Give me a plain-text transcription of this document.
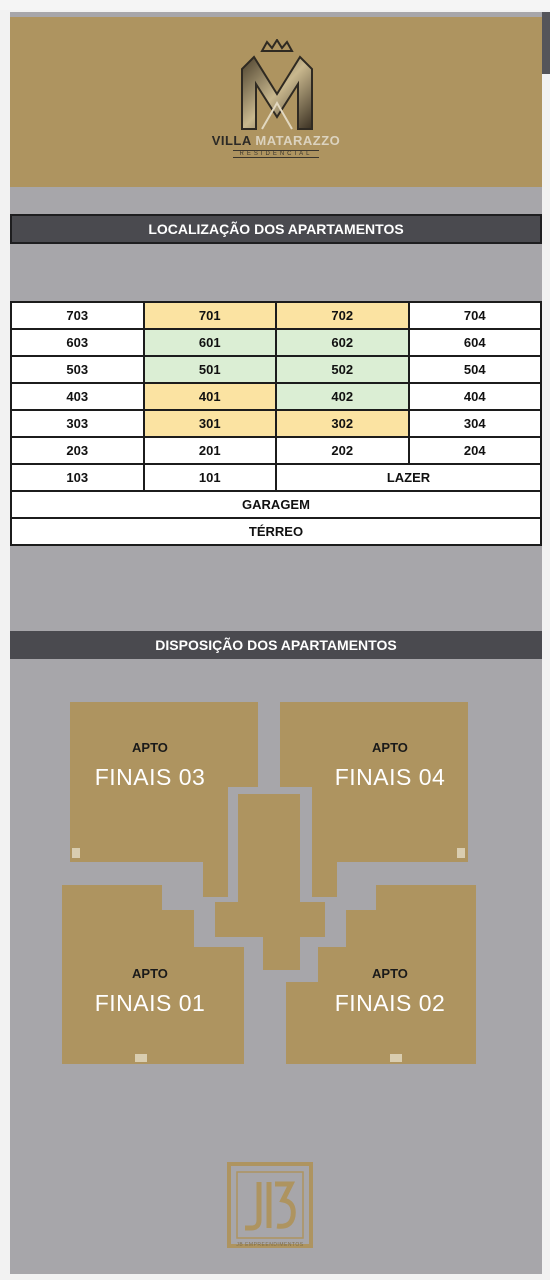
VILLA MATARAZZO
RESIDENCIAL
LOCALIZAÇÃO DOS APARTAMENTOS
703	701	702	704
603	601	602	604
503	501	502	504
403	401	402	404
303	301	302	304
203	201	202	204
103	101	LAZER	
GARAGEM			
TÉRREO			
DISPOSIÇÃO DOS APARTAMENTOS
APTO
FINAIS 03
APTO
FINAIS 04
APTO
FINAIS 01
APTO
FINAIS 02
JB EMPREENDIMENTOS
